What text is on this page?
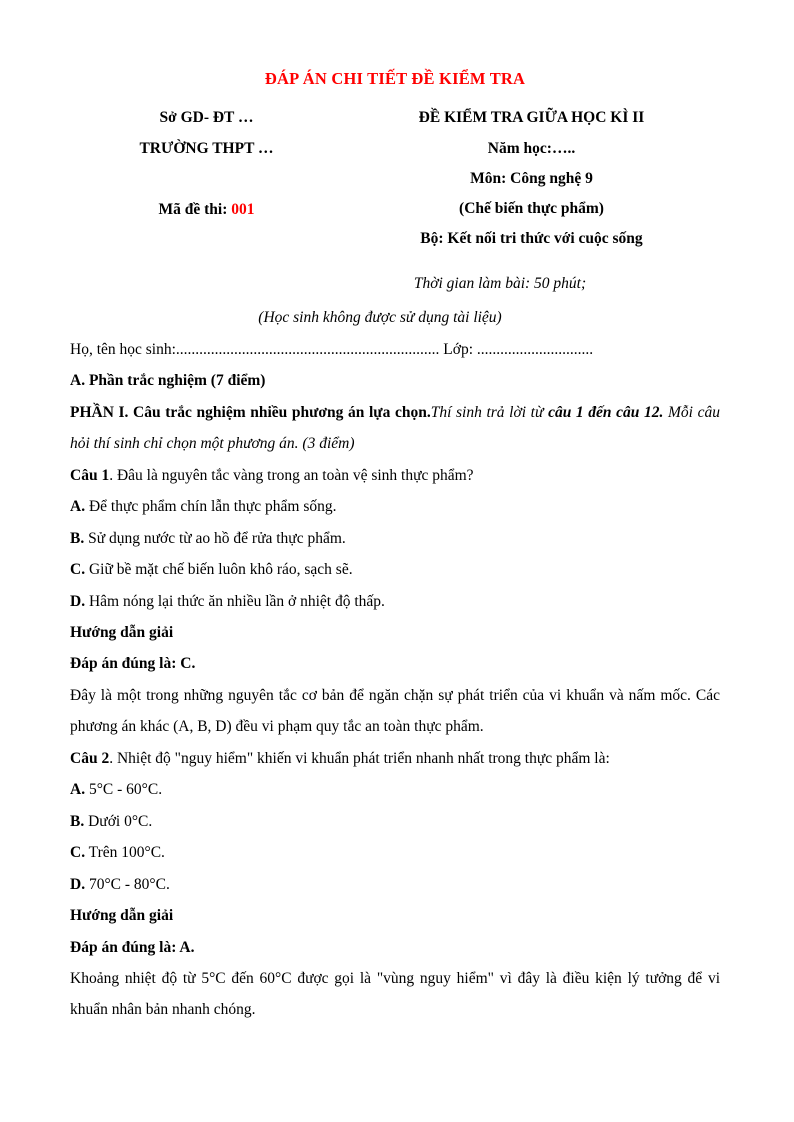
ĐÁP ÁN CHI TIẾT ĐỀ KIỂM TRA
Sở GD- ĐT …
TRƯỜNG THPT …
Mã đề thi: 001
ĐỀ KIỂM TRA GIỮA HỌC KÌ II
Năm học:…..
Môn: Công nghệ 9
(Chế biến thực phẩm)
Bộ: Kết nối tri thức với cuộc sống
Thời gian làm bài: 50 phút;
(Học sinh không được sử dụng tài liệu)
Họ, tên học sinh:.................................................................... Lớp: ..............................

A. Phần trắc nghiệm (7 điểm)

PHẦN I. Câu trắc nghiệm nhiều phương án lựa chọn.Thí sinh trả lời từ câu 1 đến câu 12. Mỗi câu hỏi thí sinh chỉ chọn một phương án. (3 điểm)

Câu 1. Đâu là nguyên tắc vàng trong an toàn vệ sinh thực phẩm?

A. Để thực phẩm chín lẫn thực phẩm sống.

B. Sử dụng nước từ ao hồ để rửa thực phẩm.

C. Giữ bề mặt chế biến luôn khô ráo, sạch sẽ.

D. Hâm nóng lại thức ăn nhiều lần ở nhiệt độ thấp.

Hướng dẫn giải

Đáp án đúng là: C.

Đây là một trong những nguyên tắc cơ bản để ngăn chặn sự phát triển của vi khuẩn và nấm mốc. Các phương án khác (A, B, D) đều vi phạm quy tắc an toàn thực phẩm.

Câu 2. Nhiệt độ "nguy hiểm" khiến vi khuẩn phát triển nhanh nhất trong thực phẩm là:

A. 5°C - 60°C.

B. Dưới 0°C.

C. Trên 100°C.

D. 70°C - 80°C.

Hướng dẫn giải

Đáp án đúng là: A.

Khoảng nhiệt độ từ 5°C đến 60°C được gọi là "vùng nguy hiểm" vì đây là điều kiện lý tưởng để vi khuẩn nhân bản nhanh chóng.
